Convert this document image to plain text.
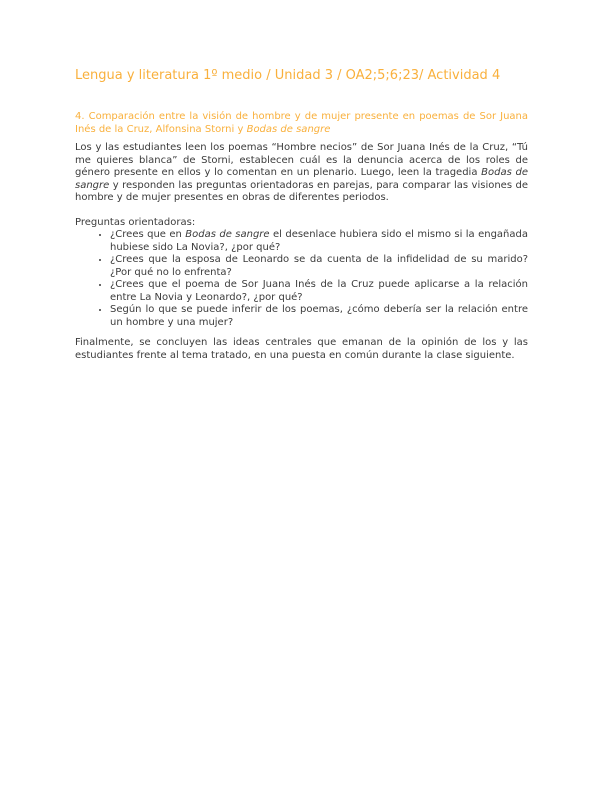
Lengua y literatura 1º medio / Unidad 3 / OA2;5;6;23/ Actividad 4
4. Comparación entre la visión de hombre y de mujer presente en poemas de Sor Juana Inés de la Cruz, Alfonsina Storni y Bodas de sangre

Los y las estudiantes leen los poemas “Hombre necios” de Sor Juana Inés de la Cruz, “Tú me quieres blanca” de Storni, establecen cuál es la denuncia acerca de los roles de género presente en ellos y lo comentan en un plenario. Luego, leen la tragedia Bodas de sangre y responden las preguntas orientadoras en parejas, para comparar las visiones de hombre y de mujer presentes en obras de diferentes periodos.

Preguntas orientadoras:

• ¿Crees que en Bodas de sangre el desenlace hubiera sido el mismo si la engañada hubiese sido La Novia?, ¿por qué?
• ¿Crees que la esposa de Leonardo se da cuenta de la infidelidad de su marido? ¿Por qué no lo enfrenta?
• ¿Crees que el poema de Sor Juana Inés de la Cruz puede aplicarse a la relación entre La Novia y Leonardo?, ¿por qué?
• Según lo que se puede inferir de los poemas, ¿cómo debería ser la relación entre un hombre y una mujer?

Finalmente, se concluyen las ideas centrales que emanan de la opinión de los y las estudiantes frente al tema tratado, en una puesta en común durante la clase siguiente.
